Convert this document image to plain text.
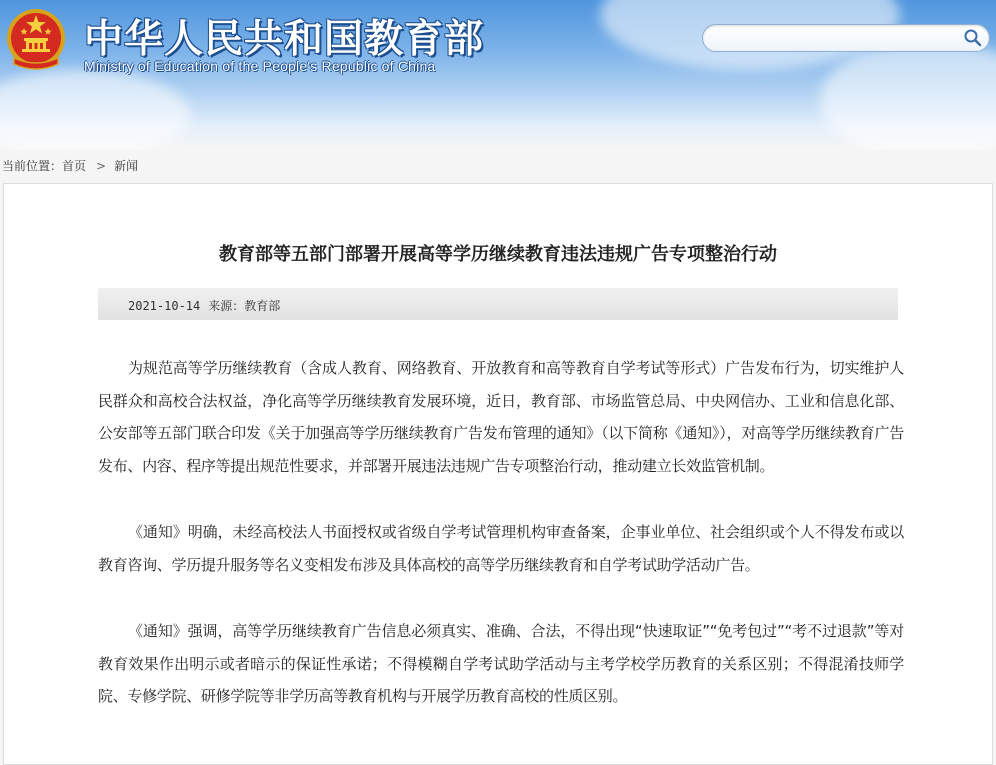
中华人民共和国教育部
Ministry of Education of the People's Republic of China
当前位置：首页 > 新闻
教育部等五部门部署开展高等学历继续教育违法违规广告专项整治行动
2021-10-14 来源：教育部

为规范高等学历继续教育（含成人教育、网络教育、开放教育和高等教育自学考试等形式）广告发布行为，切实维护人民群众和高校合法权益，净化高等学历继续教育发展环境，近日，教育部、市场监管总局、中央网信办、工业和信息化部、公安部等五部门联合印发《关于加强高等学历继续教育广告发布管理的通知》（以下简称《通知》），对高等学历继续教育广告发布、内容、程序等提出规范性要求，并部署开展违法违规广告专项整治行动，推动建立长效监管机制。

《通知》明确，未经高校法人书面授权或省级自学考试管理机构审查备案，企事业单位、社会组织或个人不得发布或以教育咨询、学历提升服务等名义变相发布涉及具体高校的高等学历继续教育和自学考试助学活动广告。

《通知》强调，高等学历继续教育广告信息必须真实、准确、合法，不得出现“快速取证”“免考包过”“考不过退款”等对教育效果作出明示或者暗示的保证性承诺；不得模糊自学考试助学活动与主考学校学历教育的关系区别；不得混淆技师学院、专修学院、研修学院等非学历高等教育机构与开展学历教育高校的性质区别。
